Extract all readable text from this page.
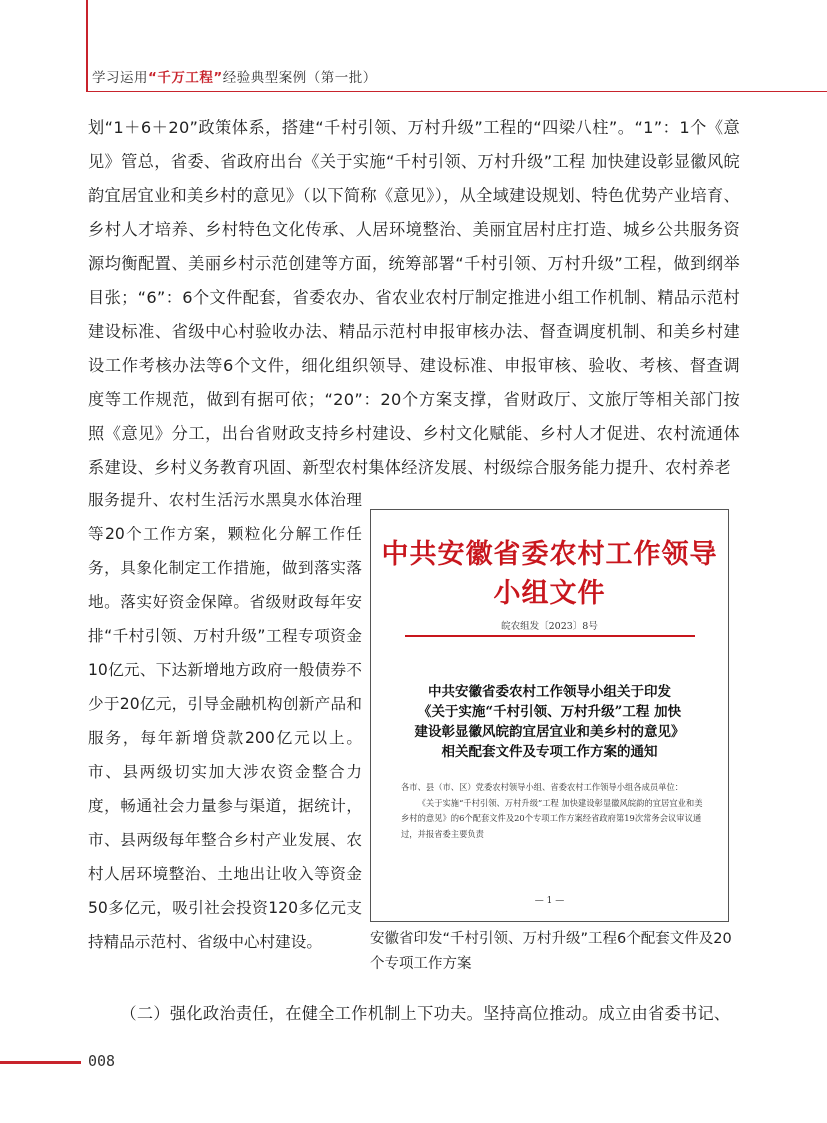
学习运用“千万工程”经验典型案例（第一批）

划“1＋6＋20”政策体系，搭建“千村引领、万村升级”工程的“四梁八柱”。“1”：1个《意见》管总，省委、省政府出台《关于实施“千村引领、万村升级”工程 加快建设彰显徽风皖韵宜居宜业和美乡村的意见》（以下简称《意见》），从全域建设规划、特色优势产业培育、乡村人才培养、乡村特色文化传承、人居环境整治、美丽宜居村庄打造、城乡公共服务资源均衡配置、美丽乡村示范创建等方面，统筹部署“千村引领、万村升级”工程，做到纲举目张；“6”：6个文件配套，省委农办、省农业农村厅制定推进小组工作机制、精品示范村建设标准、省级中心村验收办法、精品示范村申报审核办法、督查调度机制、和美乡村建设工作考核办法等6个文件，细化组织领导、建设标准、申报审核、验收、考核、督查调度等工作规范，做到有据可依；“20”：20个方案支撑，省财政厅、文旅厅等相关部门按照《意见》分工，出台省财政支持乡村建设、乡村文化赋能、乡村人才促进、农村流通体系建设、乡村义务教育巩固、新型农村集体经济发展、村级综合服务能力提升、农村养老

服务提升、农村生活污水黑臭水体治理等20个工作方案，颗粒化分解工作任务，具象化制定工作措施，做到落实落地。落实好资金保障。省级财政每年安排“千村引领、万村升级”工程专项资金10亿元、下达新增地方政府一般债券不少于20亿元，引导金融机构创新产品和服务，每年新增贷款200亿元以上。市、县两级切实加大涉农资金整合力度，畅通社会力量参与渠道，据统计，市、县两级每年整合乡村产业发展、农村人居环境整治、土地出让收入等资金50多亿元，吸引社会投资120多亿元支持精品示范村、省级中心村建设。

中共安徽省委农村工作领导小组文件
皖农组发〔2023〕8号
中共安徽省委农村工作领导小组关于印发
《关于实施“千村引领、万村升级”工程 加快
建设彰显徽风皖韵宜居宜业和美乡村的意见》
相关配套文件及专项工作方案的通知
各市、县（市、区）党委农村领导小组、省委农村工作领导小组各成员单位：
《关于实施“千村引领、万村升级”工程 加快建设彰显徽风皖韵的宜居宜业和美乡村的意见》的6个配套文件及20个专项工作方案经省政府第19次常务会议审议通过，并报省委主要负责
— 1 —

安徽省印发“千村引领、万村升级”工程6个配套文件及20个专项工作方案

（二）强化政治责任，在健全工作机制上下功夫。坚持高位推动。成立由省委书记、

008
